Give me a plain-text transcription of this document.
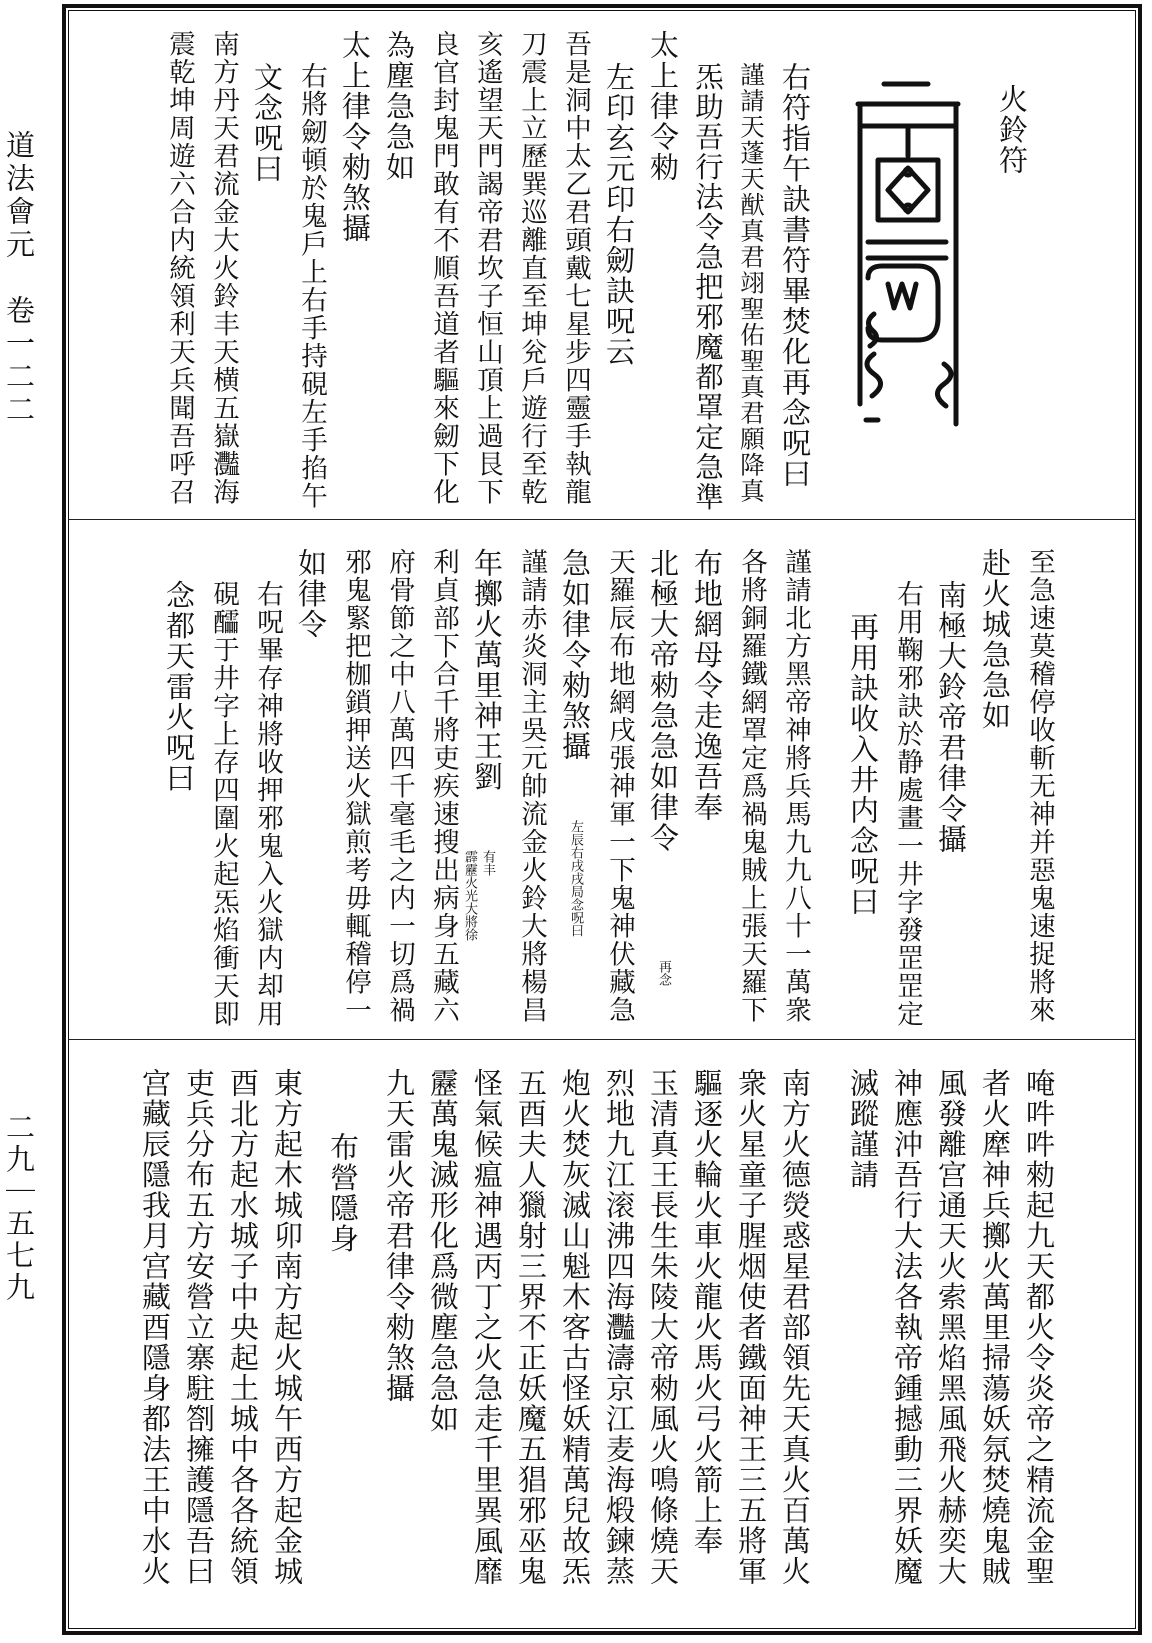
道法會元　卷一二二
二九｜五七九
火鈴符
右符指午訣書符畢焚化再念呪曰
謹請天蓬天猷真君翊聖佑聖真君願降真
炁助吾行法令急把邪魔都罩定急準
太上律令勑
左印玄元印右劒訣呪云
吾是洞中太乙君頭戴七星步四靈手執龍
刀震上立歷巽巡離直至坤兊戶遊行至乾
亥遙望天門謁帝君坎子恒山頂上過艮下
良官封鬼門敢有不順吾道者驅來劒下化
為塵急急如
太上律令勑煞攝
右將劒頓於鬼戶上右手持硯左手掐午
文念呪曰
南方丹天君流金大火鈴丰天横五嶽灩海
震乾坤周遊六合内統領利天兵聞吾呼召
至急速莫稽停收斬无神并惡鬼速捉將來
赴火城急急如
南極大鈴帝君律令攝
右用鞠邪訣於静處畫一井字發罡罡定
再用訣收入井内念呪曰
謹請北方黑帝神將兵馬九九八十一萬衆
各將銅羅鐵網罩定爲禍鬼賊上張天羅下
布地網母令走逸吾奉
北極大帝勑急急如律令
再念
天羅辰布地網戌張神軍一下鬼神伏藏急
急如律令勑煞攝
左辰右戌戌局念呪曰
謹請赤炎洞主吳元帥流金火鈴大將楊昌
年擲火萬里神王劉
有丰
霹靂火光大將徐
利貞部下合千將吏疾速搜出病身五藏六
府骨節之中八萬四千毫毛之内一切爲禍
邪鬼緊把枷鎖押送火獄煎考毋輒稽停一
如律令
右呪畢存神將收押邪鬼入火獄内却用
硯醽于井字上存四圍火起炁焰衝天即
念都天雷火呪曰
唵吽吽勑起九天都火令炎帝之精流金聖
者火犘神兵擲火萬里掃蕩妖氛焚燒鬼賊
風發離宫通天火索黑焰黑風飛火赫奕大
神應沖吾行大法各執帝鍾撼動三界妖魔
滅蹤謹請
南方火德熒惑星君部領先天真火百萬火
衆火星童子腥烟使者鐵面神王三五將軍
驅逐火輪火車火龍火馬火弓火箭上奉
玉清真王長生朱陵大帝勑風火鳴條燒天
烈地九江滚沸四海灩濤京江麦海煅鍊蒸
炮火焚灰滅山魁木客古怪妖精萬兒故炁
五酉夫人獵射三界不正妖魔五猖邪巫鬼
怪氣候瘟神遇丙丁之火急走千里異風靡
靂萬鬼滅形化爲微塵急急如
九天雷火帝君律令勑煞攝
布營隱身
東方起木城卯南方起火城午西方起金城
酉北方起水城子中央起土城中各各統領
吏兵分布五方安營立寨駐劄擁護隱吾曰
宫藏辰隱我月宫藏酉隱身都法王中水火
